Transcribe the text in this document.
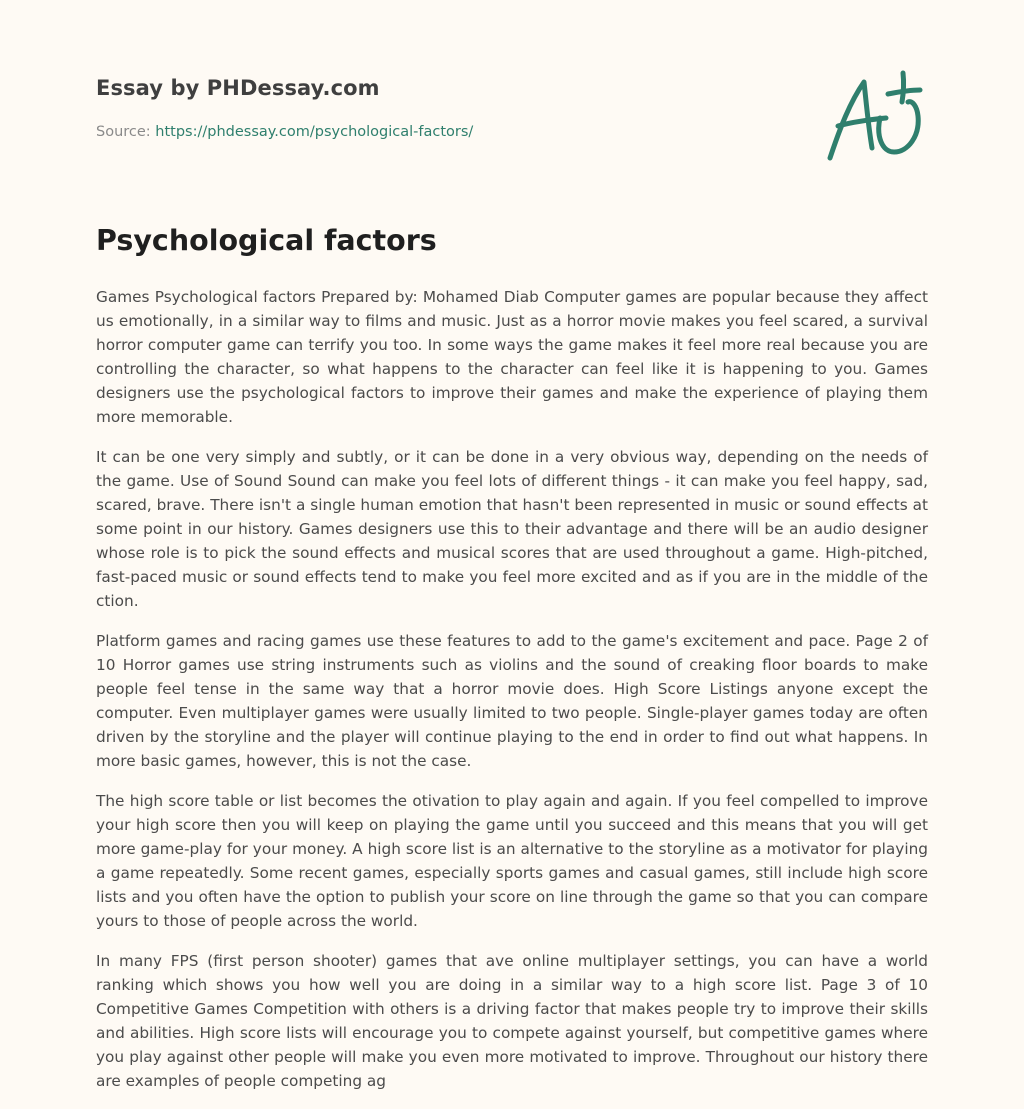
Essay by PHDessay.com
Source: https://phdessay.com/psychological-factors/
Psychological factors

Games Psychological factors Prepared by: Mohamed Diab Computer games are popular because they affect us emotionally, in a similar way to films and music. Just as a horror movie makes you feel scared, a survival horror computer game can terrify you too. In some ways the game makes it feel more real because you are controlling the character, so what happens to the character can feel like it is happening to you. Games designers use the psychological factors to improve their games and make the experience of playing them more memorable.

It can be one very simply and subtly, or it can be done in a very obvious way, depending on the needs of the game. Use of Sound Sound can make you feel lots of different things - it can make you feel happy, sad, scared, brave. There isn't a single human emotion that hasn't been represented in music or sound effects at some point in our history. Games designers use this to their advantage and there will be an audio designer whose role is to pick the sound effects and musical scores that are used throughout a game. High-pitched, fast-paced music or sound effects tend to make you feel more excited and as if you are in the middle of the ction.

Platform games and racing games use these features to add to the game's excitement and pace. Page 2 of 10 Horror games use string instruments such as violins and the sound of creaking floor boards to make people feel tense in the same way that a horror movie does. High Score Listings anyone except the computer. Even multiplayer games were usually limited to two people. Single-player games today are often driven by the storyline and the player will continue playing to the end in order to find out what happens. In more basic games, however, this is not the case.

The high score table or list becomes the otivation to play again and again. If you feel compelled to improve your high score then you will keep on playing the game until you succeed and this means that you will get more game-play for your money. A high score list is an alternative to the storyline as a motivator for playing a game repeatedly. Some recent games, especially sports games and casual games, still include high score lists and you often have the option to publish your score on line through the game so that you can compare yours to those of people across the world.

In many FPS (first person shooter) games that ave online multiplayer settings, you can have a world ranking which shows you how well you are doing in a similar way to a high score list. Page 3 of 10 Competitive Games Competition with others is a driving factor that makes people try to improve their skills and abilities. High score lists will encourage you to compete against yourself, but competitive games where you play against other people will make you even more motivated to improve. Throughout our history there are examples of people competing ag
